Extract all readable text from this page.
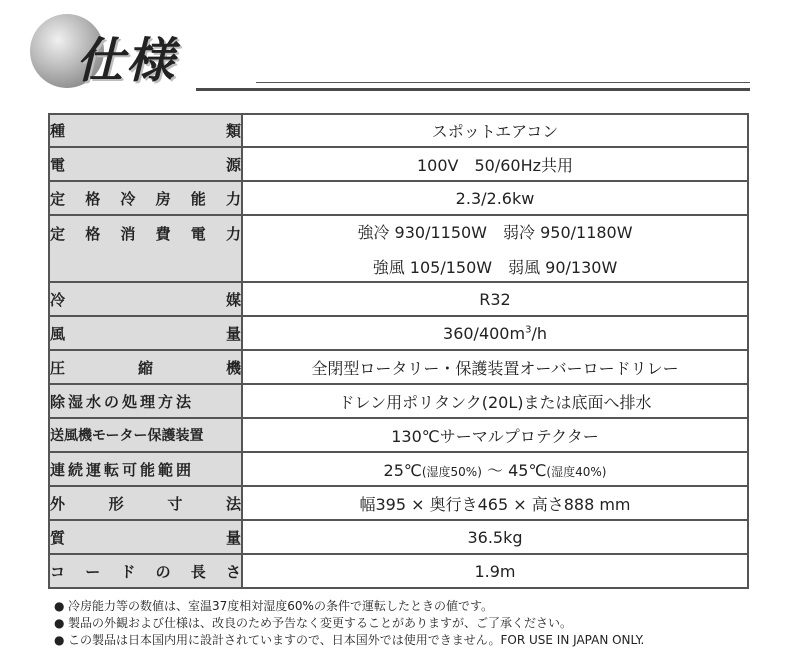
仕様
種類	スポットエアコン

電源	100V　50/60Hz共用

定格冷房能力	2.3/2.6kw

定格消費電力	強冷 930/1150W　弱冷 950/1180W
強風 105/150W　弱風 90/130W

冷媒	R32

風量	$360/400m^3/h$

圧縮機	全閉型ロータリー・保護装置オーバーロードリレー

除湿水の処理方法	ドレン用ポリタンク(20L)または底面へ排水

送風機モーター保護装置	130℃サーマルプロテクター

連続運転可能範囲	25℃(湿度50%) 〜 45℃(湿度40%)

外形寸法	幅395 × 奥行き465 × 高さ888 mm

質量	36.5kg

コードの長さ	1.9m
● 冷房能力等の数値は、室温37度相対湿度60%の条件で運転したときの値です。
● 製品の外観および仕様は、改良のため予告なく変更することがありますが、ご了承ください。
● この製品は日本国内用に設計されていますので、日本国外では使用できません。FOR USE IN JAPAN ONLY.
